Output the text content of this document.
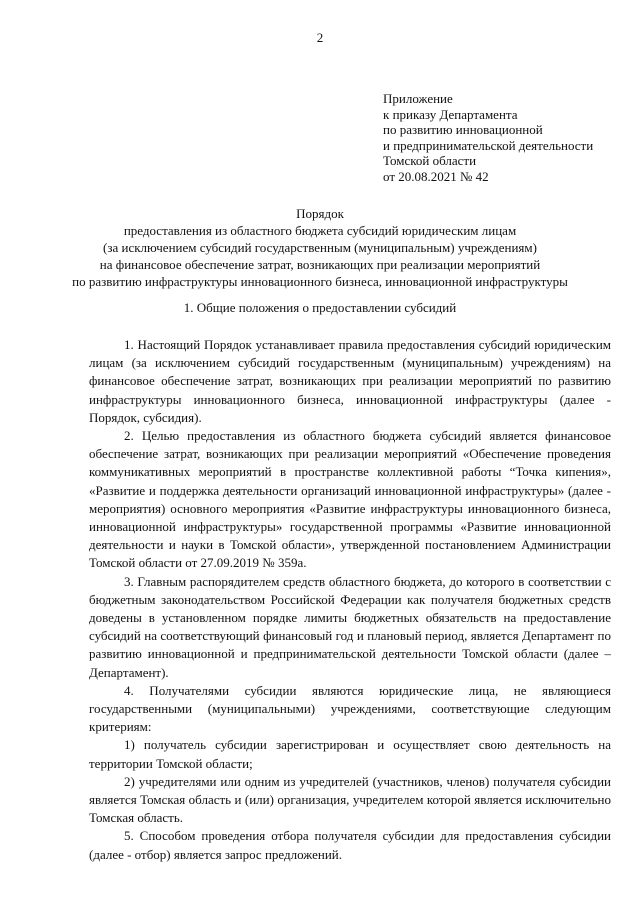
2
Приложение
к приказу Департамента
по развитию инновационной
и предпринимательской деятельности
Томской области
от 20.08.2021 № 42
Порядок
предоставления из областного бюджета субсидий юридическим лицам
(за исключением субсидий государственным (муниципальным) учреждениям)
на финансовое обеспечение затрат, возникающих при реализации мероприятий
по развитию инфраструктуры инновационного бизнеса, инновационной инфраструктуры
1. Общие положения о предоставлении субсидий

1. Настоящий Порядок устанавливает правила предоставления субсидий юридическим лицам (за исключением субсидий государственным (муниципальным) учреждениям) на финансовое обеспечение затрат, возникающих при реализации мероприятий по развитию инфраструктуры инновационного бизнеса, инновационной инфраструктуры (далее - Порядок, субсидия).

2. Целью предоставления из областного бюджета субсидий является финансовое обеспечение затрат, возникающих при реализации мероприятий «Обеспечение проведения коммуникативных мероприятий в пространстве коллективной работы “Точка кипения», «Развитие и поддержка деятельности организаций инновационной инфраструктуры» (далее - мероприятия) основного мероприятия «Развитие инфраструктуры инновационного бизнеса, инновационной инфраструктуры» государственной программы «Развитие инновационной деятельности и науки в Томской области», утвержденной постановлением Администрации Томской области от 27.09.2019 № 359а.

3. Главным распорядителем средств областного бюджета, до которого в соответствии с бюджетным законодательством Российской Федерации как получателя бюджетных средств доведены в установленном порядке лимиты бюджетных обязательств на предоставление субсидий на соответствующий финансовый год и плановый период, является Департамент по развитию инновационной и предпринимательской деятельности Томской области (далее – Департамент).

4. Получателями субсидии являются юридические лица, не являющиеся государственными (муниципальными) учреждениями, соответствующие следующим критериям:

1) получатель субсидии зарегистрирован и осуществляет свою деятельность на территории Томской области;

2) учредителями или одним из учредителей (участников, членов) получателя субсидии является Томская область и (или) организация, учредителем которой является исключительно Томская область.

5. Способом проведения отбора получателя субсидии для предоставления субсидии (далее - отбор) является запрос предложений.
